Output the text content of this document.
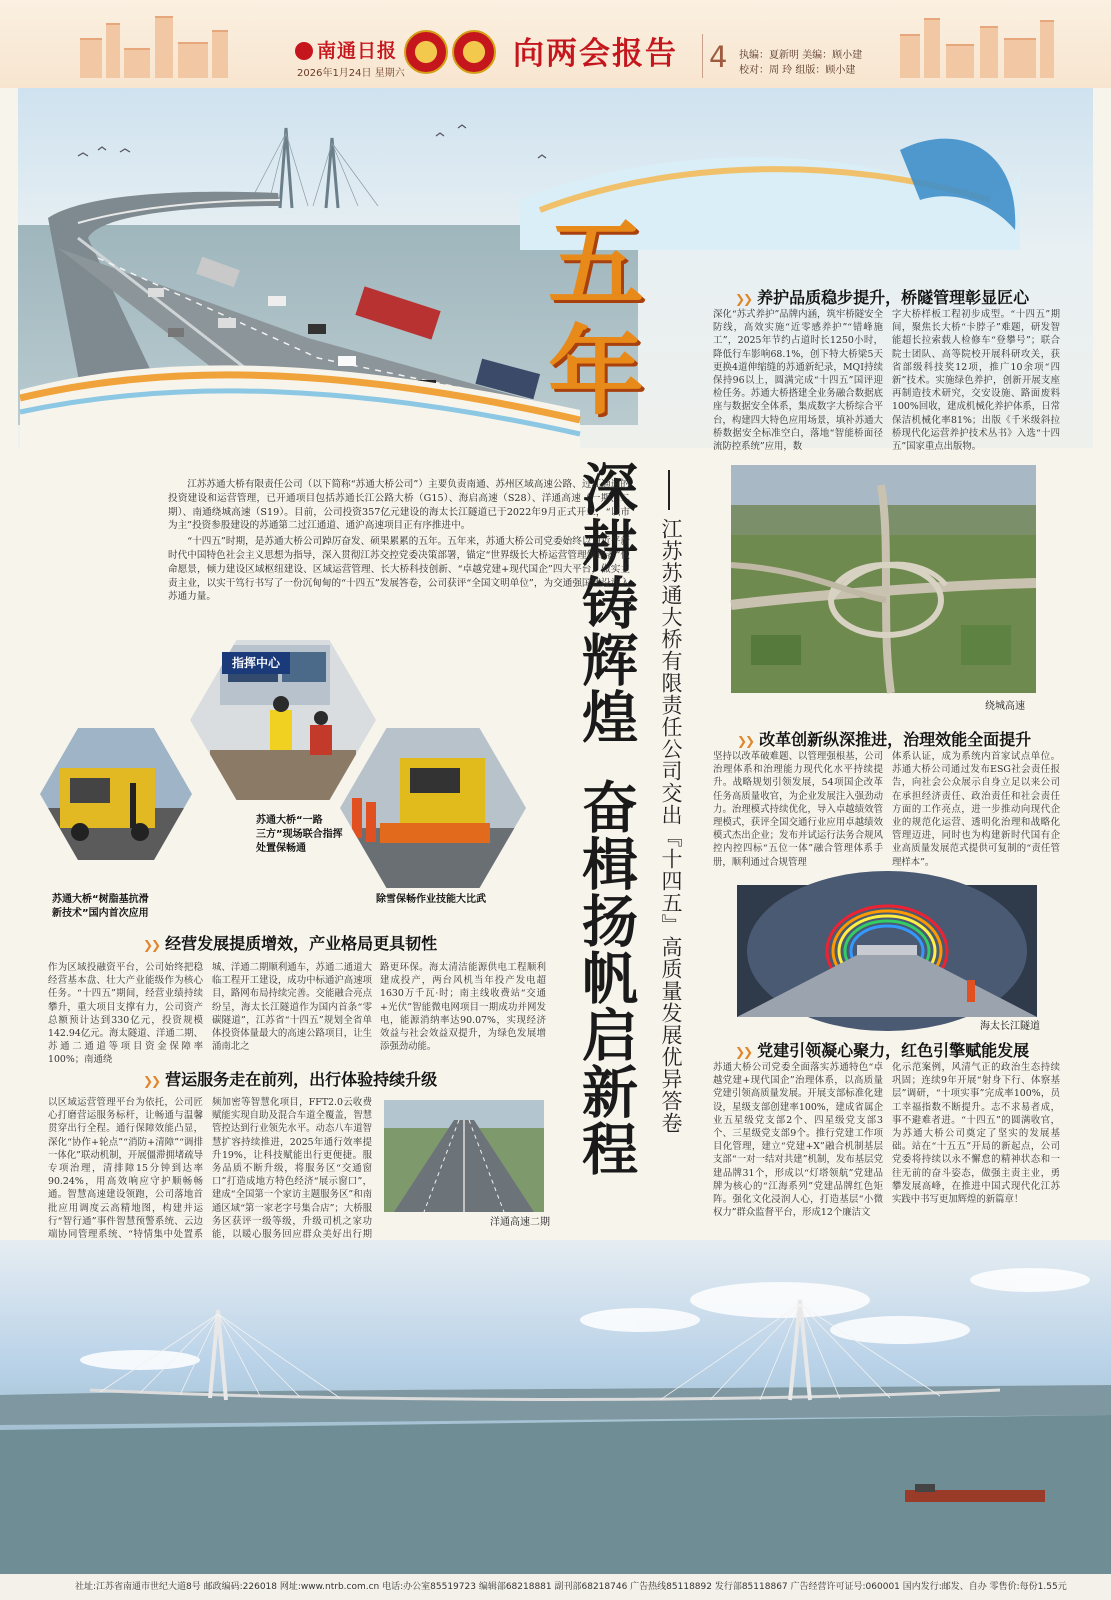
南通日报
2026年1月24日 星期六
向两会报告 4 执编：夏新明 美编：顾小建
校对：周 玲 组版：顾小建
五
年
深耕铸辉煌
奋楫扬帆启新程 江苏苏通大桥有限责任公司交出『十四五』高质量发展优异答卷

江苏苏通大桥有限责任公司（以下简称“苏通大桥公司”）主要负责南通、苏州区域高速公路、过江通道的投资建设和运营管理，已开通项目包括苏通长江公路大桥（G15）、海启高速（S28）、洋通高速（一期、二期）、南通绕城高速（S19）。目前，公司投资357亿元建设的海太长江隧道已于2022年9月正式开工，“以市为主”投资参股建设的苏通第二过江通道、通沪高速项目正有序推进中。

“十四五”时期，是苏通大桥公司踔厉奋发、硕果累累的五年。五年来，苏通大桥公司党委始终以习近平新时代中国特色社会主义思想为指导，深入贯彻江苏交控党委决策部署，锚定“世界级长大桥运营管理领跑者”使命愿景，倾力建设区域枢纽建设、区域运营管理、长大桥科技创新、“卓越党建+现代国企”四大平台，做实主责主业，以实干笃行书写了一份沉甸甸的“十四五”发展答卷，公司获评“全国文明单位”，为交通强国建设注入苏通力量。

❯❯ 养护品质稳步提升，桥隧管理彰显匠心
深化“苏式养护”品牌内涵，筑牢桥隧安全防线，高效实施“近零感养护”“错峰施工”，2025年节约占道时长1250小时，降低行车影响68.1%，创下特大桥梁5天更换4道伸缩缝的苏通新纪录，MQI持续保持96以上，圆满完成“十四五”国评迎检任务。苏通大桥搭建全业务融合数据底座与数据安全体系，集成数字大桥综合平台，构建四大特色应用场景，填补苏通大桥数据安全标准空白，落地“智能桥面径流防控系统”应用，数
字大桥样板工程初步成型。“十四五”期间，聚焦长大桥“卡脖子”难题，研发智能超长拉索载人检修车“登攀号”；联合院士团队、高等院校开展科研攻关，获省部级科技奖12项，推广10余项“四新”技术。实施绿色养护，创新开展支座再制造技术研究，交安设施、路面废料100%回收，建成机械化养护体系，日常保洁机械化率81%；出版《千米级斜拉桥现代化运营养护技术丛书》入选“十四五”国家重点出版物。
绕城高速
❯❯ 改革创新纵深推进，治理效能全面提升
坚持以改革破难题、以管理强根基，公司治理体系和治理能力现代化水平持续提升。战略规划引领发展，54项国企改革任务高质量收官，为企业发展注入强劲动力。治理模式持续优化，导入卓越绩效管理模式，获评全国交通行业应用卓越绩效模式杰出企业；发布并试运行法务合规风控内控四标“五位一体”融合管理体系手册，顺利通过合规管理
体系认证，成为系统内首家试点单位。苏通大桥公司通过发布ESG社会责任报告，向社会公众展示自身立足以来公司在承担经济责任、政治责任和社会责任方面的工作亮点，进一步推动向现代企业的规范化运营、透明化治理和战略化管理迈进，同时也为构建新时代国有企业高质量发展范式提供可复制的“责任管理样本”。
海太长江隧道
❯❯ 党建引领凝心聚力，红色引擎赋能发展
苏通大桥公司党委全面落实苏通特色“卓越党建+现代国企”治理体系，以高质量党建引领高质量发展。开展支部标准化建设，星级支部创建率100%，建成省属企业五星级党支部2个、四星级党支部3个、三星级党支部9个。推行党建工作项目化管理，建立“党建+X”融合机制基层支部“一对一结对共建”机制，发布基层党建品牌31个，形成以“灯塔领航”党建品牌为核心的“江海系列”党建品牌红色矩阵。强化文化浸润人心，打造基层“小微权力”群众监督平台，形成12个廉洁文
化示范案例，风清气正的政治生态持续巩固；连续9年开展“射身下行、体察基层”调研，“十项实事”完成率100%，员工幸福指数不断提升。志不求易者成，事不避难者进。“十四五”的圆满收官，为苏通大桥公司奠定了坚实的发展基础。站在“十五五”开局的新起点，公司党委将持续以永不懈怠的精神状态和一往无前的奋斗姿态，做强主责主业，勇攀发展高峰，在推进中国式现代化江苏实践中书写更加辉煌的新篇章！
苏通大桥“树脂基抗滑
新技术”国内首次应用
指挥中心
苏通大桥“一路
三方”现场联合指挥
处置保畅通
除雪保畅作业技能大比武
❯❯ 经营发展提质增效，产业格局更具韧性
作为区域投融资平台，公司始终把稳经营基本盘、壮大产业能级作为核心任务。“十四五”期间，经营业绩持续攀升，重大项目支撑有力，公司资产总额预计达到330亿元，投资规模142.94亿元。海太隧道、洋通二期、苏通二通道等项目资金保障率100%；南通绕
城、洋通二期顺利通车，苏通二通道大临工程开工建设，成功中标通沪高速项目，路网布局持续完善。交能融合亮点纷呈，海太长江隧道作为国内首条“零碳隧道”，江苏省“十四五”规划全省单体投资体量最大的高速公路项目，让生涌南北之
路更环保。海太清洁能源供电工程顺利建成投产，两台风机当年投产发电超1630万千瓦·时；南主线收费站“交通+光伏”智能微电网项目一期成功并网发电，能源消纳率达90.07%，实现经济效益与社会效益双提升，为绿色发展增添强劲动能。
❯❯ 营运服务走在前列，出行体验持续升级
以区域运营管理平台为依托，公司匠心打磨营运服务标杆，让畅通与温馨贯穿出行全程。通行保障效能凸显，深化“协作+轮点”“消防+清障”“调排一体化”联动机制，开展僵滞拥堵疏导专项治理，清排障15分钟到达率90.24%，用高效响应守护顺畅畅通。智慧高速建设领跑，公司落地首批应用调度云高精地图，构建并运行“智行通”事件智慧预警系统、云边端协同管理系统、“特情集中处置系
频加密等智慧化项目，FFT2.0云收费赋能实现自助及混合车道全覆盖，智慧管控达到行业领先水平。动态八车道智慧扩容持续推进，2025年通行效率提升19%，让科技赋能出行更便捷。服务品质不断升级，将服务区“交通窗口”打造成地方特色经济“展示窗口”，建成“全国第一个家访主题服务区”和南通区域“第一家老字号集合店”；大桥服务区获评一级等级，升级司机之家功能，以暖心服务回应群众美好出行期
洋通高速二期
社址:江苏省南通市世纪大道8号 邮政编码:226018 网址:www.ntrb.com.cn 电话:办公室85519723 编辑部68218881 副刊部68218746 广告热线85118892 发行部85118867 广告经营许可证号:060001 国内发行:邮发、自办 零售价:每份1.55元
